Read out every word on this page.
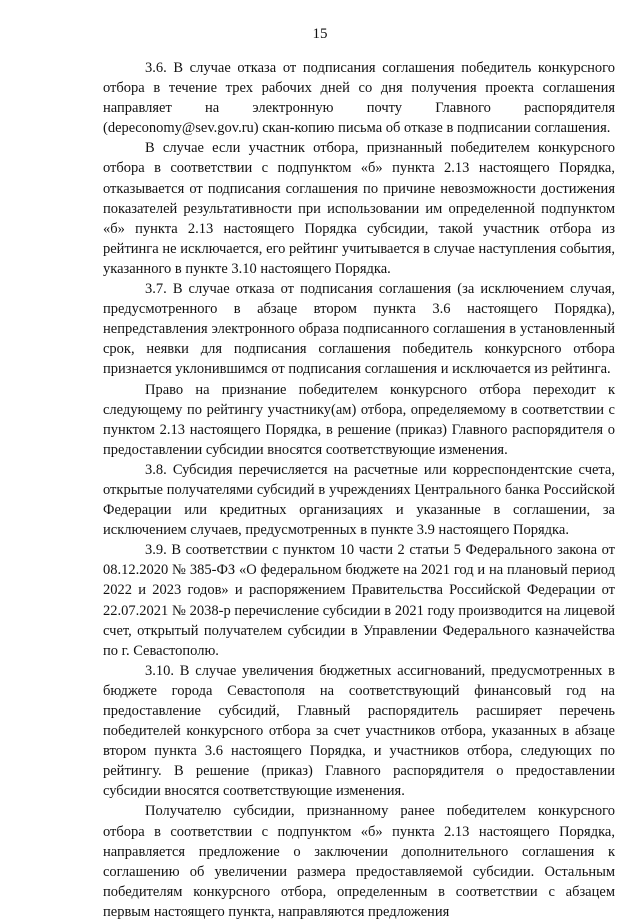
15

3.6. В случае отказа от подписания соглашения победитель конкурсного отбора в течение трех рабочих дней со дня получения проекта соглашения направляет на электронную почту Главного распорядителя (depeconomy@sev.gov.ru) скан-копию письма об отказе в подписании соглашения.

В случае если участник отбора, признанный победителем конкурсного отбора в соответствии с подпунктом «б» пункта 2.13 настоящего Порядка, отказывается от подписания соглашения по причине невозможности достижения показателей результативности при использовании им определенной подпунктом «б» пункта 2.13 настоящего Порядка субсидии, такой участник отбора из рейтинга не исключается, его рейтинг учитывается в случае наступления события, указанного в пункте 3.10 настоящего Порядка.

3.7. В случае отказа от подписания соглашения (за исключением случая, предусмотренного в абзаце втором пункта 3.6 настоящего Порядка), непредставления электронного образа подписанного соглашения в установленный срок, неявки для подписания соглашения победитель конкурсного отбора признается уклонившимся от подписания соглашения и исключается из рейтинга.

Право на признание победителем конкурсного отбора переходит к следующему по рейтингу участнику(ам) отбора, определяемому в соответствии с пунктом 2.13 настоящего Порядка, в решение (приказ) Главного распорядителя о предоставлении субсидии вносятся соответствующие изменения.

3.8. Субсидия перечисляется на расчетные или корреспондентские счета, открытые получателями субсидий в учреждениях Центрального банка Российской Федерации или кредитных организациях и указанные в соглашении, за исключением случаев, предусмотренных в пункте 3.9 настоящего Порядка.

3.9. В соответствии с пунктом 10 части 2 статьи 5 Федерального закона от 08.12.2020 № 385-ФЗ «О федеральном бюджете на 2021 год и на плановый период 2022 и 2023 годов» и распоряжением Правительства Российской Федерации от 22.07.2021 № 2038-р перечисление субсидии в 2021 году производится на лицевой счет, открытый получателем субсидии в Управлении Федерального казначейства по г. Севастополю.

3.10. В случае увеличения бюджетных ассигнований, предусмотренных в бюджете города Севастополя на соответствующий финансовый год на предоставление субсидий, Главный распорядитель расширяет перечень победителей конкурсного отбора за счет участников отбора, указанных в абзаце втором пункта 3.6 настоящего Порядка, и участников отбора, следующих по рейтингу. В решение (приказ) Главного распорядителя о предоставлении субсидии вносятся соответствующие изменения.

Получателю субсидии, признанному ранее победителем конкурсного отбора в соответствии с подпунктом «б» пункта 2.13 настоящего Порядка, направляется предложение о заключении дополнительного соглашения к соглашению об увеличении размера предоставляемой субсидии. Остальным победителям конкурсного отбора, определенным в соответствии с абзацем первым настоящего пункта, направляются предложения
